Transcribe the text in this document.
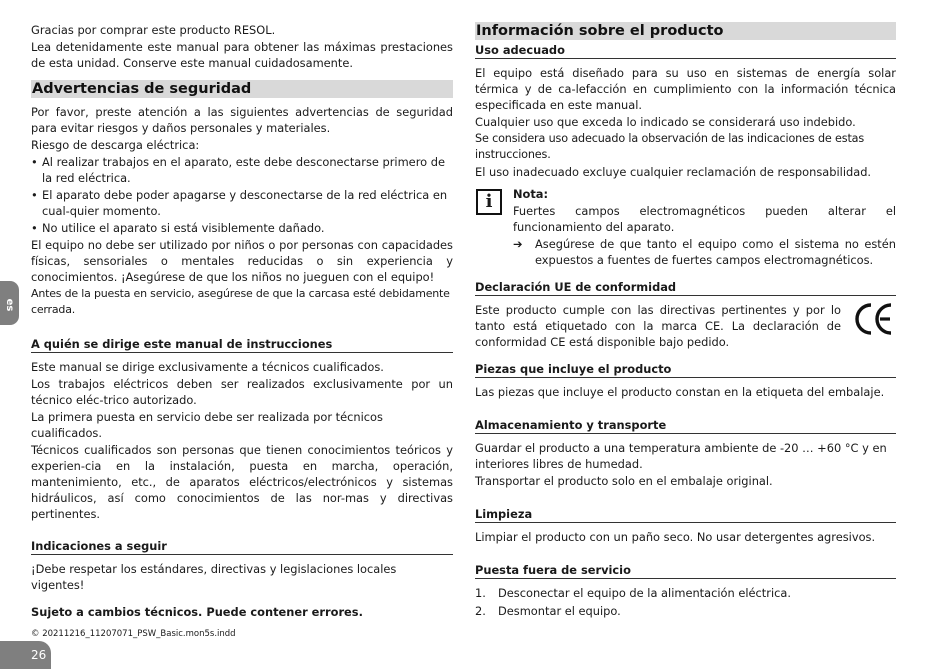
es

Gracias por comprar este producto RESOL.

Lea detenidamente este manual para obtener las máximas prestaciones de esta unidad. Conserve este manual cuidadosamente.

Advertencias de seguridad

Por favor, preste atención a las siguientes advertencias de seguridad para evitar riesgos y daños personales y materiales.

Riesgo de descarga eléctrica:

• Al realizar trabajos en el aparato, este debe desconectarse primero de la red eléctrica.
• El aparato debe poder apagarse y desconectarse de la red eléctrica en cual-quier momento.
• No utilice el aparato si está visiblemente dañado.

El equipo no debe ser utilizado por niños o por personas con capacidades físicas, sensoriales o mentales reducidas o sin experiencia y conocimientos. ¡Asegúrese de que los niños no jueguen con el equipo!

Antes de la puesta en servicio, asegúrese de que la carcasa esté debidamente cerrada.

A quién se dirige este manual de instrucciones

Este manual se dirige exclusivamente a técnicos cualificados.

Los trabajos eléctricos deben ser realizados exclusivamente por un técnico eléc-trico autorizado.

La primera puesta en servicio debe ser realizada por técnicos cualificados.

Técnicos cualificados son personas que tienen conocimientos teóricos y experien-cia en la instalación, puesta en marcha, operación, mantenimiento, etc., de aparatos eléctricos/electrónicos y sistemas hidráulicos, así como conocimientos de las nor-mas y directivas pertinentes.

Indicaciones a seguir

¡Debe respetar los estándares, directivas y legislaciones locales vigentes!

Sujeto a cambios técnicos. Puede contener errores.
© 20211216_11207071_PSW_Basic.mon5s.indd
26
Información sobre el producto
Uso adecuado

El equipo está diseñado para su uso en sistemas de energía solar térmica y de ca-lefacción en cumplimiento con la información técnica especificada en este manual.

Cualquier uso que exceda lo indicado se considerará uso indebido.

Se considera uso adecuado la observación de las indicaciones de estas instrucciones.

El uso inadecuado excluye cualquier reclamación de responsabilidad.

i	Nota:

Fuertes campos electromagnéticos pueden alterar el funcionamiento del aparato.

➔ Asegúrese de que tanto el equipo como el sistema no estén expuestos a fuentes de fuertes campos electromagnéticos.

Declaración UE de conformidad

Este producto cumple con las directivas pertinentes y por lo tanto está etiquetado con la marca CE. La declaración de conformidad CE está disponible bajo pedido.

Piezas que incluye el producto

Las piezas que incluye el producto constan en la etiqueta del embalaje.

Almacenamiento y transporte

Guardar el producto a una temperatura ambiente de -20 … +60 °C y en interiores libres de humedad.

Transportar el producto solo en el embalaje original.

Limpieza

Limpiar el producto con un paño seco. No usar detergentes agresivos.

Puesta fuera de servicio
1. Desconectar el equipo de la alimentación eléctrica.
2. Desmontar el equipo.
